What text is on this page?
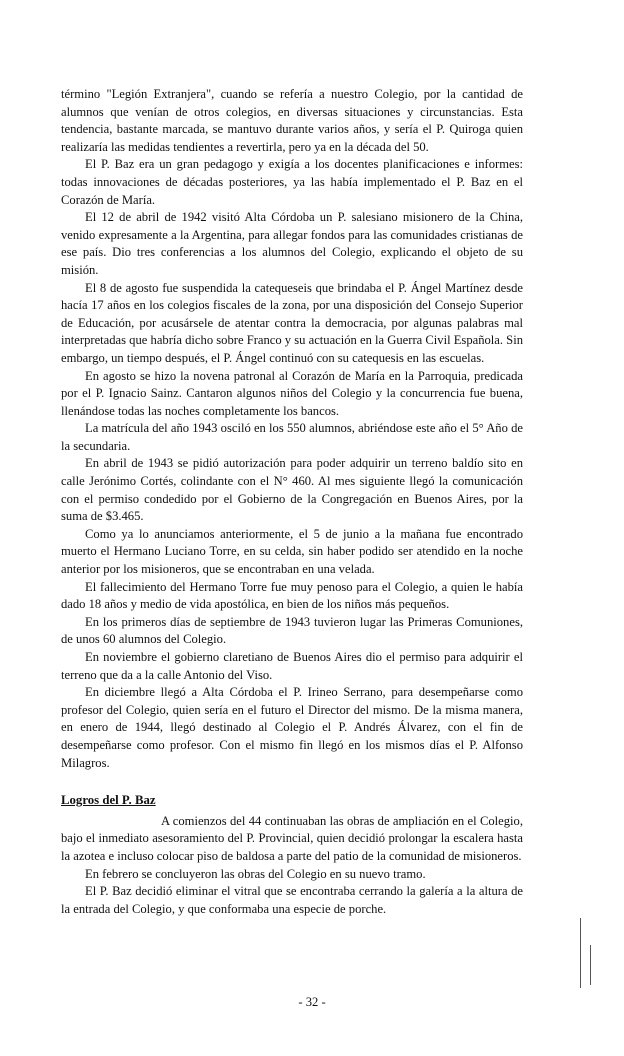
término "Legión Extranjera", cuando se refería a nuestro Colegio, por la cantidad de alumnos que venían de otros colegios, en diversas situaciones y circunstancias. Esta tendencia, bastante marcada, se mantuvo durante varios años, y sería el P. Quiroga quien realizaría las medidas tendientes a revertirla, pero ya en la década del 50.

El P. Baz era un gran pedagogo y exigía a los docentes planificaciones e informes: todas innovaciones de décadas posteriores, ya las había implementado el P. Baz en el Corazón de María.

El 12 de abril de 1942 visitó Alta Córdoba un P. salesiano misionero de la China, venido expresamente a la Argentina, para allegar fondos para las comunidades cristianas de ese país. Dio tres conferencias a los alumnos del Colegio, explicando el objeto de su misión.

El 8 de agosto fue suspendida la catequeseis que brindaba el P. Ángel Martínez desde hacía 17 años en los colegios fiscales de la zona, por una disposición del Consejo Superior de Educación, por acusársele de atentar contra la democracia, por algunas palabras mal interpretadas que habría dicho sobre Franco y su actuación en la Guerra Civil Española. Sin embargo, un tiempo después, el P. Ángel continuó con su catequesis en las escuelas.

En agosto se hizo la novena patronal al Corazón de María en la Parroquia, predicada por el P. Ignacio Sainz. Cantaron algunos niños del Colegio y la concurrencia fue buena, llenándose todas las noches completamente los bancos.

La matrícula del año 1943 osciló en los 550 alumnos, abriéndose este año el 5° Año de la secundaria.

En abril de 1943 se pidió autorización para poder adquirir un terreno baldío sito en calle Jerónimo Cortés, colindante con el N° 460. Al mes siguiente llegó la comunicación con el permiso condedido por el Gobierno de la Congregación en Buenos Aires, por la suma de $3.465.

Como ya lo anunciamos anteriormente, el 5 de junio a la mañana fue encontrado muerto el Hermano Luciano Torre, en su celda, sin haber podido ser atendido en la noche anterior por los misioneros, que se encontraban en una velada.

El fallecimiento del Hermano Torre fue muy penoso para el Colegio, a quien le había dado 18 años y medio de vida apostólica, en bien de los niños más pequeños.

En los primeros días de septiembre de 1943 tuvieron lugar las Primeras Comuniones, de unos 60 alumnos del Colegio.

En noviembre el gobierno claretiano de Buenos Aires dio el permiso para adquirir el terreno que da a la calle Antonio del Viso.

En diciembre llegó a Alta Córdoba el P. Irineo Serrano, para desempeñarse como profesor del Colegio, quien sería en el futuro el Director del mismo. De la misma manera, en enero de 1944, llegó destinado al Colegio el P. Andrés Álvarez, con el fin de desempeñarse como profesor. Con el mismo fin llegó en los mismos días el P. Alfonso Milagros.

Logros del P. Baz

A comienzos del 44 continuaban las obras de ampliación en el Colegio, bajo el inmediato asesoramiento del P. Provincial, quien decidió prolongar la escalera hasta la azotea e incluso colocar piso de baldosa a parte del patio de la comunidad de misioneros.

En febrero se concluyeron las obras del Colegio en su nuevo tramo.

El P. Baz decidió eliminar el vitral que se encontraba cerrando la galería a la altura de la entrada del Colegio, y que conformaba una especie de porche.

- 32 -
